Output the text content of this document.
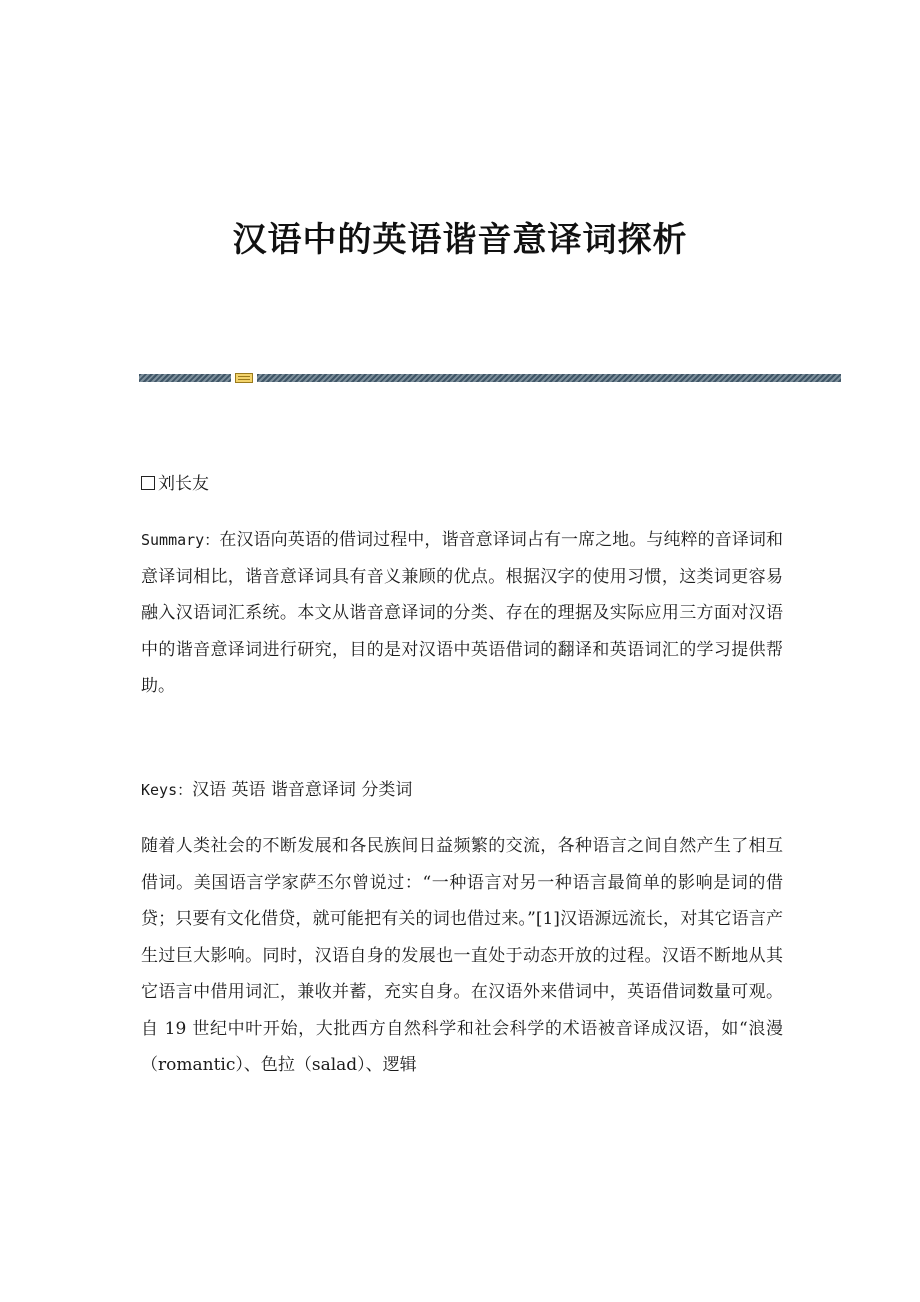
汉语中的英语谐音意译词探析

刘长友

Summary：在汉语向英语的借词过程中，谐音意译词占有一席之地。与纯粹的音译词和意译词相比，谐音意译词具有音义兼顾的优点。根据汉字的使用习惯，这类词更容易融入汉语词汇系统。本文从谐音意译词的分类、存在的理据及实际应用三方面对汉语中的谐音意译词进行研究，目的是对汉语中英语借词的翻译和英语词汇的学习提供帮助。

Keys：汉语 英语 谐音意译词 分类词

随着人类社会的不断发展和各民族间日益频繁的交流，各种语言之间自然产生了相互借词。美国语言学家萨丕尔曾说过：“一种语言对另一种语言最简单的影响是词的借贷；只要有文化借贷，就可能把有关的词也借过来。”[1]汉语源远流长，对其它语言产生过巨大影响。同时，汉语自身的发展也一直处于动态开放的过程。汉语不断地从其它语言中借用词汇，兼收并蓄，充实自身。在汉语外来借词中，英语借词数量可观。自 19 世纪中叶开始，大批西方自然科学和社会科学的术语被音译成汉语，如“浪漫（romantic）、色拉（salad）、逻辑
